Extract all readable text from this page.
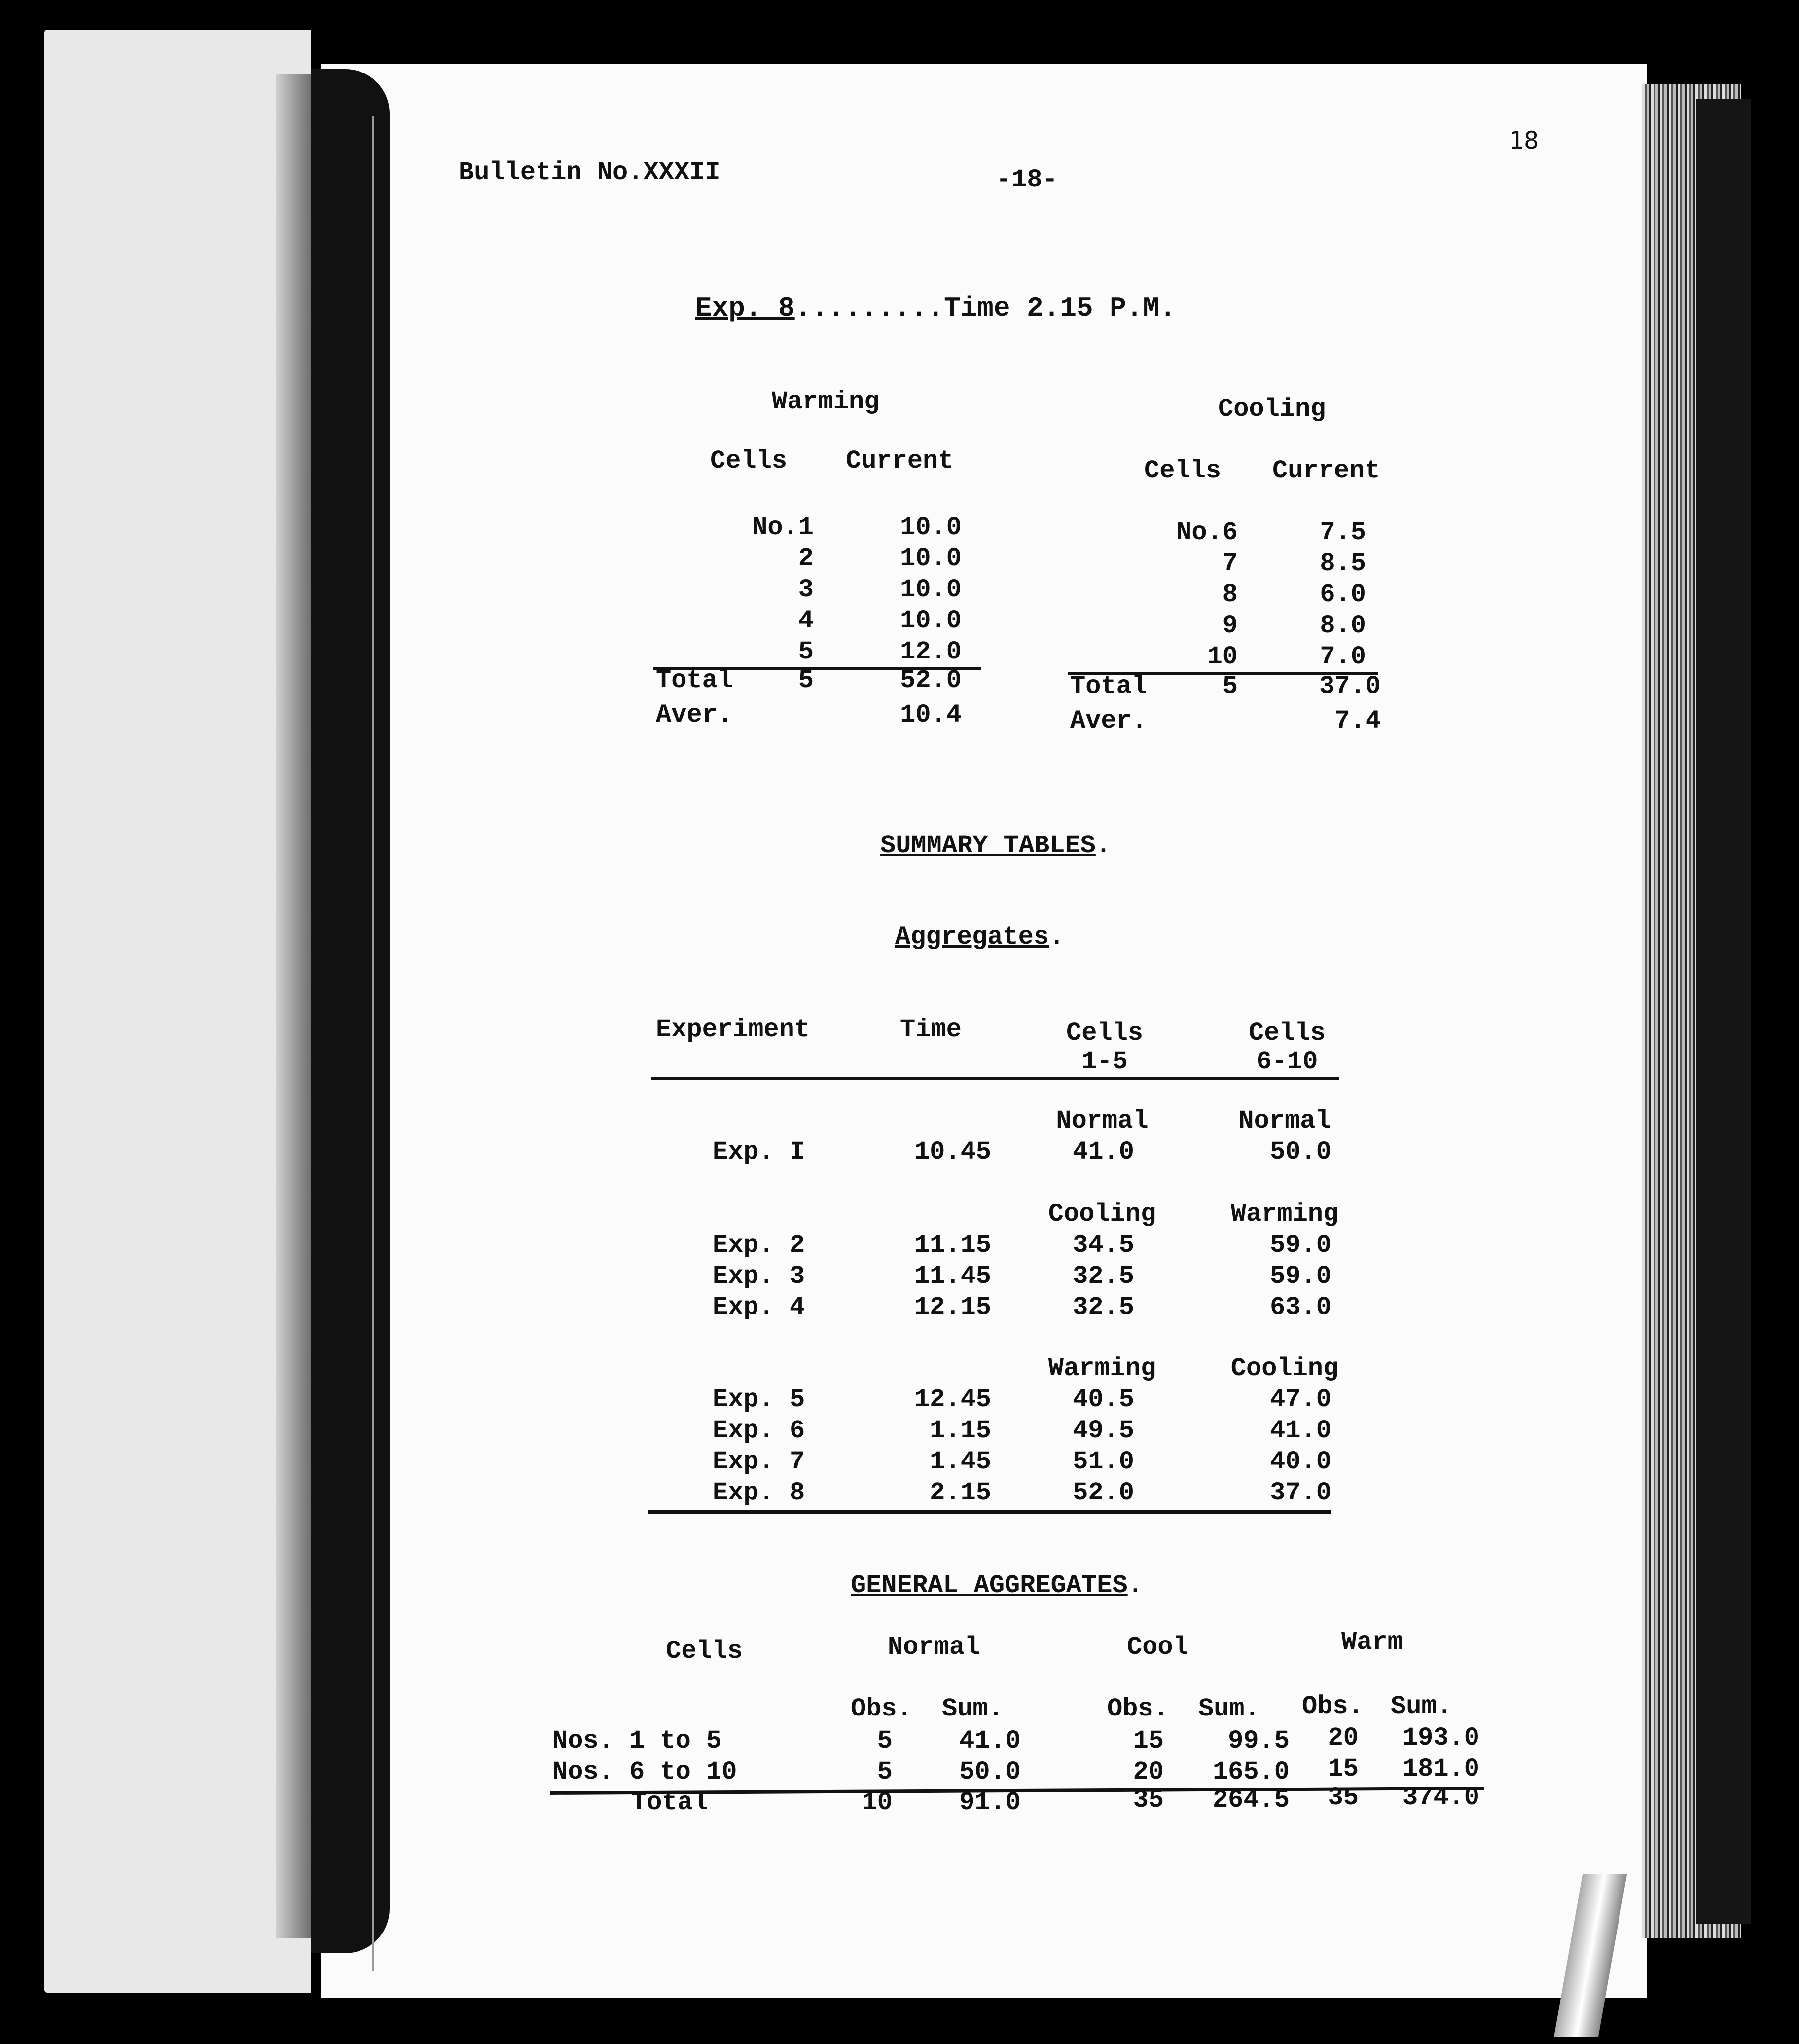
18
Bulletin No.XXXII	-18-
Exp. 8.........Time 2.15 P.M.
Warming
Cells Current
No.1	10.0
2	10.0
3	10.0
4	10.0
5	12.0
Total	5	52.0
Aver.	10.4
Cooling
Cells Current
No.6	7.5
7	8.5
8	6.0
9	8.0
10	7.0
Total	5	37.0
Aver.	7.4
SUMMARY TABLES.
Aggregates.
Experiment	Time	Cells	Cells
1-5	6-10
Normal	Normal
Exp. I	10.45	41.0	50.0
Cooling	Warming
Exp. 2	11.15	34.5	59.0
Exp. 3	11.45	32.5	59.0
Exp. 4	12.15	32.5	63.0
Warming	Cooling
Exp. 5	12.45	40.5	47.0
Exp. 6	1.15	49.5	41.0
Exp. 7	1.45	51.0	40.0
Exp. 8	2.15	52.0	37.0
GENERAL AGGREGATES.
Cells	Normal	Cool	Warm
Obs. Sum.	Obs. Sum. Obs. Sum.
Nos. 1 to 5	5	41.0	15	99.5	20	193.0
Nos. 6 to 10	5	50.0	20	165.0	15	181.0
Total	10	91.0	35	264.5	35	374.0
